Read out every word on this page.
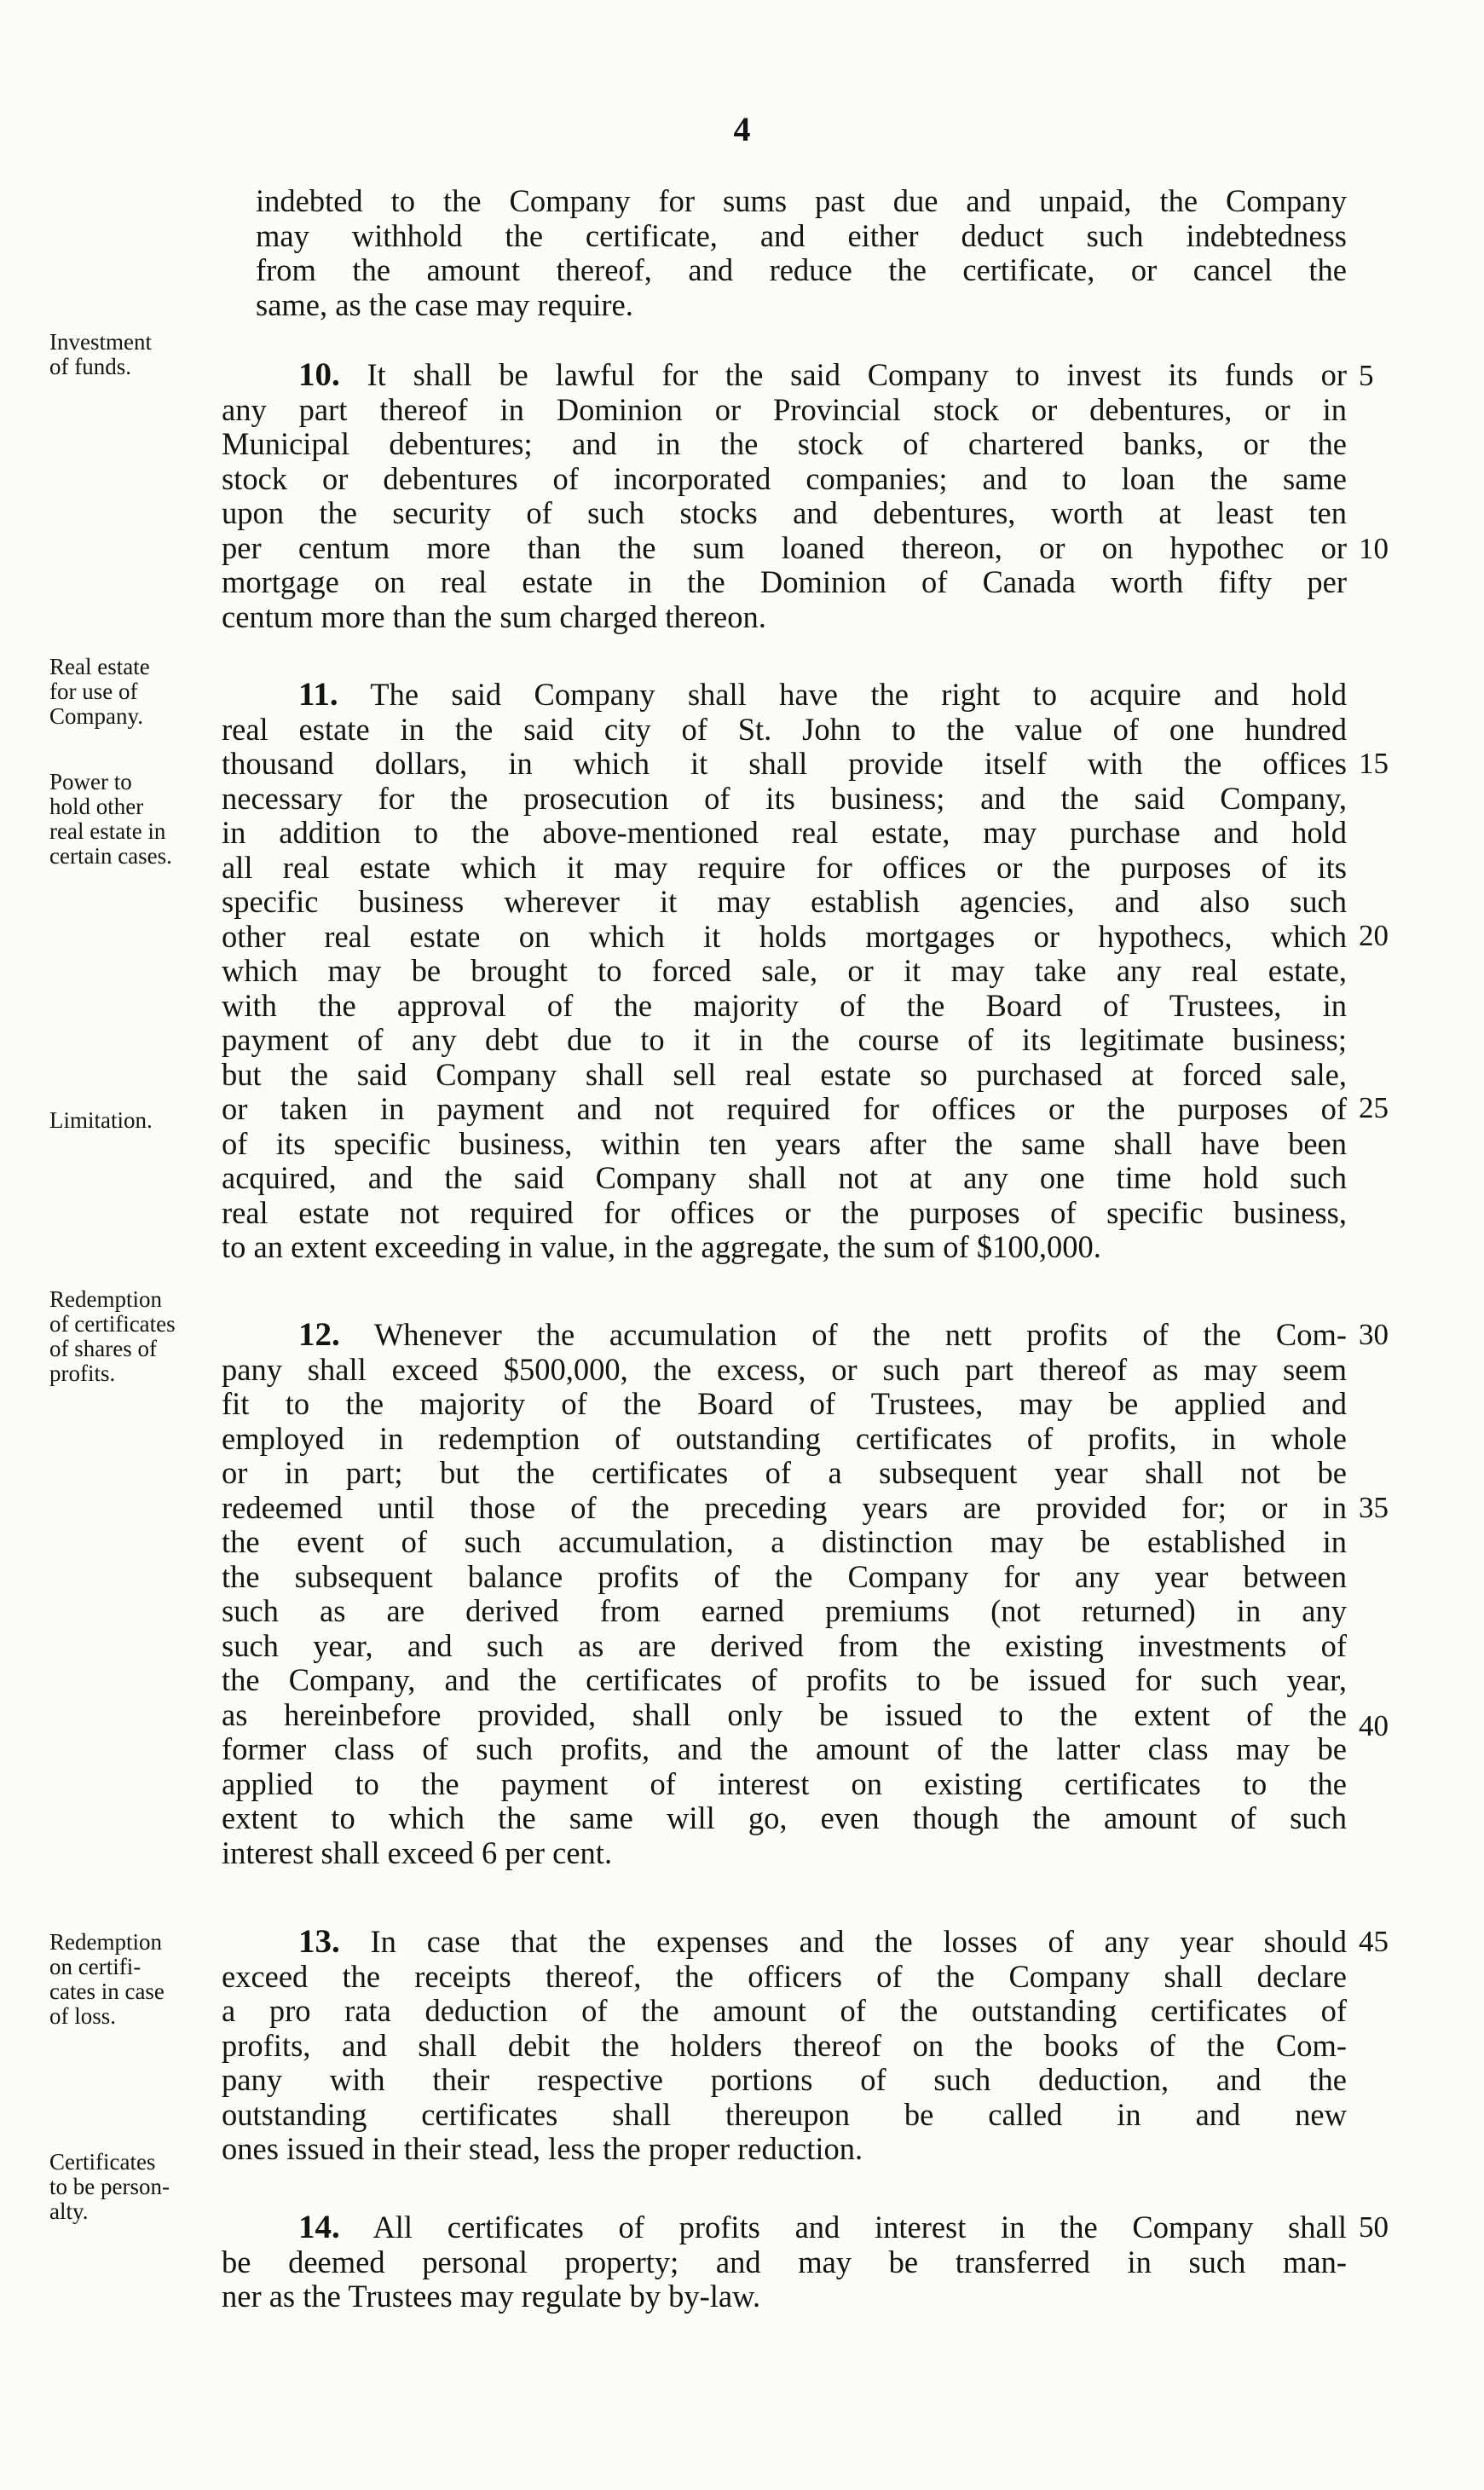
4
indebted to the Company for sums past due and unpaid, the Company
may withhold the certificate, and either deduct such indebtedness
from the amount thereof, and reduce the certificate, or cancel the
same, as the case may require.
10. It shall be lawful for the said Company to invest its funds or
any part thereof in Dominion or Provincial stock or debentures, or in
Municipal debentures; and in the stock of chartered banks, or the
stock or debentures of incorporated companies; and to loan the same
upon the security of such stocks and debentures, worth at least ten
per centum more than the sum loaned thereon, or on hypothec or
mortgage on real estate in the Dominion of Canada worth fifty per
centum more than the sum charged thereon.
11. The said Company shall have the right to acquire and hold
real estate in the said city of St. John to the value of one hundred
thousand dollars, in which it shall provide itself with the offices
necessary for the prosecution of its business; and the said Company,
in addition to the above-mentioned real estate, may purchase and hold
all real estate which it may require for offices or the purposes of its
specific business wherever it may establish agencies, and also such
other real estate on which it holds mortgages or hypothecs, which
which may be brought to forced sale, or it may take any real estate,
with the approval of the majority of the Board of Trustees, in
payment of any debt due to it in the course of its legitimate business;
but the said Company shall sell real estate so purchased at forced sale,
or taken in payment and not required for offices or the purposes of
of its specific business, within ten years after the same shall have been
acquired, and the said Company shall not at any one time hold such
real estate not required for offices or the purposes of specific business,
to an extent exceeding in value, in the aggregate, the sum of $100,000.
12. Whenever the accumulation of the nett profits of the Com-
pany shall exceed $500,000, the excess, or such part thereof as may seem
fit to the majority of the Board of Trustees, may be applied and
employed in redemption of outstanding certificates of profits, in whole
or in part; but the certificates of a subsequent year shall not be
redeemed until those of the preceding years are provided for; or in
the event of such accumulation, a distinction may be established in
the subsequent balance profits of the Company for any year between
such as are derived from earned premiums (not returned) in any
such year, and such as are derived from the existing investments of
the Company, and the certificates of profits to be issued for such year,
as hereinbefore provided, shall only be issued to the extent of the
former class of such profits, and the amount of the latter class may be
applied to the payment of interest on existing certificates to the
extent to which the same will go, even though the amount of such
interest shall exceed 6 per cent.
13. In case that the expenses and the losses of any year should
exceed the receipts thereof, the officers of the Company shall declare
a pro rata deduction of the amount of the outstanding certificates of
profits, and shall debit the holders thereof on the books of the Com-
pany with their respective portions of such deduction, and the
outstanding certificates shall thereupon be called in and new
ones issued in their stead, less the proper reduction.
14. All certificates of profits and interest in the Company shall
be deemed personal property; and may be transferred in such man-
ner as the Trustees may regulate by by-law.
Investment
of funds.
Real estate
for use of
Company.
Power to
hold other
real estate in
certain cases.
Limitation.
Redemption
of certificates
of shares of
profits.
Redemption
on certifi-
cates in case
of loss.
Certificates
to be person-
alty.
5
10
15
20
25
30
35
40
45
50
